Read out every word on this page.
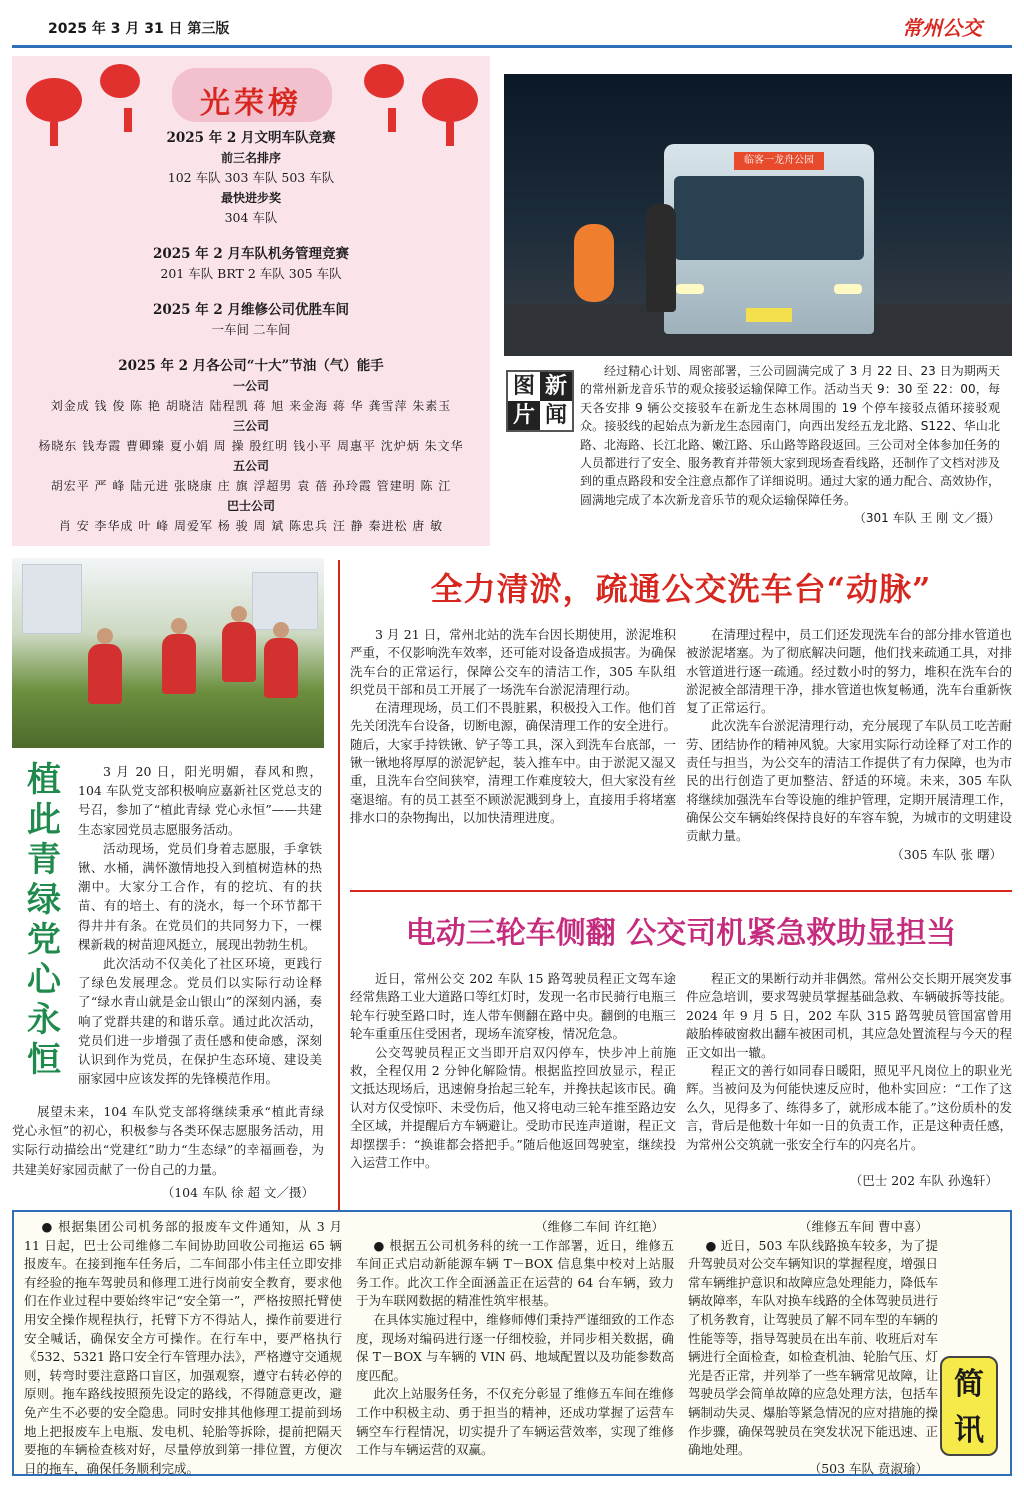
2025 年 3 月 31 日 第三版	常州公交
光荣榜
2025 年 2 月文明车队竞赛
前三名排序
102 车队 303 车队 503 车队
最快进步奖
304 车队
2025 年 2 月车队机务管理竞赛
201 车队 BRT 2 车队 305 车队
2025 年 2 月维修公司优胜车间
一车间 二车间
2025 年 2 月各公司“十大”节油（气）能手
一公司
刘金成 钱 俊 陈 艳 胡晓洁 陆程凯 蒋 旭 来金海 蒋 华 龚雪萍 朱素玉
三公司
杨晓东 钱寿霞 曹卿臻 夏小娟 周 操 殷红明 钱小平 周惠平 沈炉炳 朱文华
五公司
胡宏平 严 峰 陆元进 张晓康 庄 旗 浮超男 袁 蓓 孙玲霞 管建明 陈 江
巴士公司
肖 安 李华成 叶 峰 周爱军 杨 骏 周 斌 陈忠兵 汪 静 秦进松 唐 敏
临客一龙舟公园
图 新
片 闻
经过精心计划、周密部署，三公司圆满完成了 3 月 22 日、23 日为期两天的常州新龙音乐节的观众接驳运输保障工作。活动当天 9：30 至 22：00，每天各安排 9 辆公交接驳车在新龙生态林周围的 19 个停车接驳点循环接驳观众。接驳线的起始点为新龙生态园南门，向西出发经五龙北路、S122、华山北路、北海路、长江北路、嫩江路、乐山路等路段返回。三公司对全体参加任务的人员都进行了安全、服务教育并带领大家到现场查看线路，还制作了文档对涉及到的重点路段和安全注意点都作了详细说明。通过大家的通力配合、高效协作，圆满地完成了本次新龙音乐节的观众运输保障任务。
（301 车队 王 刚 文／摄）
植此青绿 党心永恒
3 月 20 日，阳光明媚，春风和煦，104 车队党支部积极响应嘉新社区党总支的号召，参加了“植此青绿 党心永恒”——共建生态家园党员志愿服务活动。
活动现场，党员们身着志愿服，手拿铁锹、水桶，满怀激情地投入到植树造林的热潮中。大家分工合作，有的挖坑、有的扶苗、有的培土、有的浇水，每一个环节都干得井井有条。在党员们的共同努力下，一棵棵新栽的树苗迎风挺立，展现出勃勃生机。
此次活动不仅美化了社区环境，更践行了绿色发展理念。党员们以实际行动诠释了“绿水青山就是金山银山”的深刻内涵，奏响了党群共建的和谐乐章。通过此次活动，党员们进一步增强了责任感和使命感，深刻认识到作为党员，在保护生态环境、建设美丽家园中应该发挥的先锋模范作用。
展望未来，104 车队党支部将继续秉承“植此青绿 党心永恒”的初心，积极参与各类环保志愿服务活动，用实际行动描绘出“党建红”助力“生态绿”的幸福画卷，为共建美好家园贡献了一份自己的力量。
（104 车队 徐 超 文／摄）
全力清淤，疏通公交洗车台“动脉”
3 月 21 日，常州北站的洗车台因长期使用，淤泥堆积严重，不仅影响洗车效率，还可能对设备造成损害。为确保洗车台的正常运行，保障公交车的清洁工作，305 车队组织党员干部和员工开展了一场洗车台淤泥清理行动。
在清理现场，员工们不畏脏累，积极投入工作。他们首先关闭洗车台设备，切断电源，确保清理工作的安全进行。随后，大家手持铁锹、铲子等工具，深入到洗车台底部，一锹一锹地将厚厚的淤泥铲起，装入推车中。由于淤泥又湿又重，且洗车台空间狭窄，清理工作难度较大，但大家没有丝毫退缩。有的员工甚至不顾淤泥溅到身上，直接用手将堵塞排水口的杂物掏出，以加快清理进度。
在清理过程中，员工们还发现洗车台的部分排水管道也被淤泥堵塞。为了彻底解决问题，他们找来疏通工具，对排水管道进行逐一疏通。经过数小时的努力，堆积在洗车台的淤泥被全部清理干净，排水管道也恢复畅通，洗车台重新恢复了正常运行。
此次洗车台淤泥清理行动，充分展现了车队员工吃苦耐劳、团结协作的精神风貌。大家用实际行动诠释了对工作的责任与担当，为公交车的清洁工作提供了有力保障，也为市民的出行创造了更加整洁、舒适的环境。未来，305 车队将继续加强洗车台等设施的维护管理，定期开展清理工作，确保公交车辆始终保持良好的车容车貌，为城市的文明建设贡献力量。
（305 车队 张 曙）
电动三轮车侧翻 公交司机紧急救助显担当
近日，常州公交 202 车队 15 路驾驶员程正文驾车途经常焦路工业大道路口等红灯时，发现一名市民骑行电瓶三轮车行驶至路口时，连人带车侧翻在路中央。翻倒的电瓶三轮车重重压住受困者，现场车流穿梭，情况危急。
公交驾驶员程正文当即开启双闪停车，快步冲上前施救，全程仅用 2 分钟化解险情。根据监控回放显示，程正文抵达现场后，迅速俯身抬起三轮车，并搀扶起该市民。确认对方仅受惊吓、未受伤后，他又将电动三轮车推至路边安全区域，并提醒后方车辆避让。受助市民连声道谢，程正文却摆摆手：“换谁都会搭把手。”随后他返回驾驶室，继续投入运营工作中。
程正文的果断行动并非偶然。常州公交长期开展突发事件应急培训，要求驾驶员掌握基础急救、车辆破拆等技能。2024 年 9 月 5 日，202 车队 315 路驾驶员管国富曾用敲胎棒破窗救出翻车被困司机，其应急处置流程与今天的程正文如出一辙。
程正文的善行如同春日暖阳，照见平凡岗位上的职业光辉。当被问及为何能快速反应时，他朴实回应：“工作了这么久，见得多了、练得多了，就形成本能了。”这份质朴的发言，背后是他数十年如一日的负责工作，正是这种责任感，为常州公交筑就一张安全行车的闪亮名片。
（巴士 202 车队 孙逸轩）
● 根据集团公司机务部的报废车文件通知，从 3 月 11 日起，巴士公司维修二车间协助回收公司拖运 65 辆报废车。在接到拖车任务后，二车间邵小伟主任立即安排有经验的拖车驾驶员和修理工进行岗前安全教育，要求他们在作业过程中要始终牢记“安全第一”，严格按照托臂使用安全操作规程执行，托臂下方不得站人，操作前要进行安全喊话，确保安全方可操作。在行车中，要严格执行《532、5321 路口安全行车管理办法》，严格遵守交通规则，转弯时要注意路口盲区，加强观察，遵守右转必停的原则。拖车路线按照预先设定的路线，不得随意更改，避免产生不必要的安全隐患。同时安排其他修理工提前到场地上把报废车上电瓶、发电机、轮胎等拆除，提前把隔天要拖的车辆检查核对好，尽量停放到第一排位置，方便次日的拖车，确保任务顺利完成。
（维修二车间 许红艳）
● 根据五公司机务科的统一工作部署，近日，维修五车间正式启动新能源车辆 T－BOX 信息集中校对上站服务工作。此次工作全面涵盖正在运营的 64 台车辆，致力于为车联网数据的精准性筑牢根基。
在具体实施过程中，维修师傅们秉持严谨细致的工作态度，现场对编码进行逐一仔细校验，并同步相关数据，确保 T－BOX 与车辆的 VIN 码、地域配置以及功能参数高度匹配。
此次上站服务任务，不仅充分彰显了维修五车间在维修工作中积极主动、勇于担当的精神，还成功掌握了运营车辆空车行程情况，切实提升了车辆运营效率，实现了维修工作与车辆运营的双赢。
（维修五车间 曹中喜）
● 近日，503 车队线路换车较多，为了提升驾驶员对公交车辆知识的掌握程度，增强日常车辆维护意识和故障应急处理能力，降低车辆故障率，车队对换车线路的全体驾驶员进行了机务教育，让驾驶员了解不同车型的车辆的性能等等，指导驾驶员在出车前、收班后对车辆进行全面检查，如检查机油、轮胎气压、灯光是否正常，并列举了一些车辆常见故障，让驾驶员学会简单故障的应急处理方法，包括车辆制动失灵、爆胎等紧急情况的应对措施的操作步骤，确保驾驶员在突发状况下能迅速、正确地处理。
（503 车队 贲淑瑜）
简讯
